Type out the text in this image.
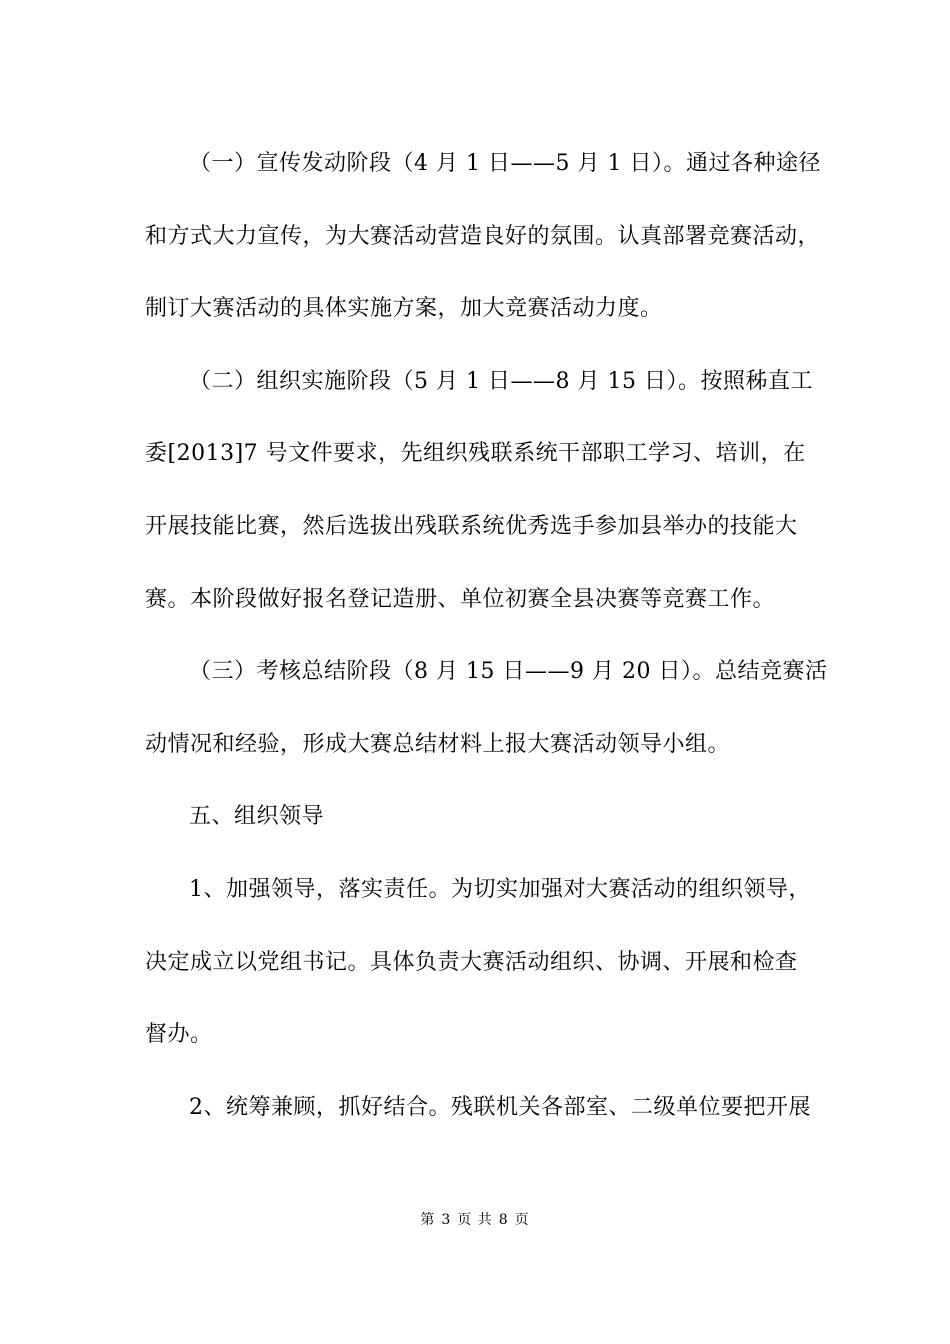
（一）宣传发动阶段（4 月 1 日——5 月 1 日）。通过各种途径
和方式大力宣传，为大赛活动营造良好的氛围。认真部署竞赛活动，
制订大赛活动的具体实施方案，加大竞赛活动力度。

（二）组织实施阶段（5 月 1 日——8 月 15 日）。按照秭直工
委[2013]7 号文件要求，先组织残联系统干部职工学习、培训，在
开展技能比赛，然后选拔出残联系统优秀选手参加县举办的技能大
赛。本阶段做好报名登记造册、单位初赛全县决赛等竞赛工作。

（三）考核总结阶段（8 月 15 日——9 月 20 日）。总结竞赛活
动情况和经验，形成大赛总结材料上报大赛活动领导小组。

五、组织领导

1、加强领导，落实责任。为切实加强对大赛活动的组织领导，
决定成立以党组书记。具体负责大赛活动组织、协调、开展和检查
督办。

2、统筹兼顾，抓好结合。残联机关各部室、二级单位要把开展

第 3 页 共 8 页
